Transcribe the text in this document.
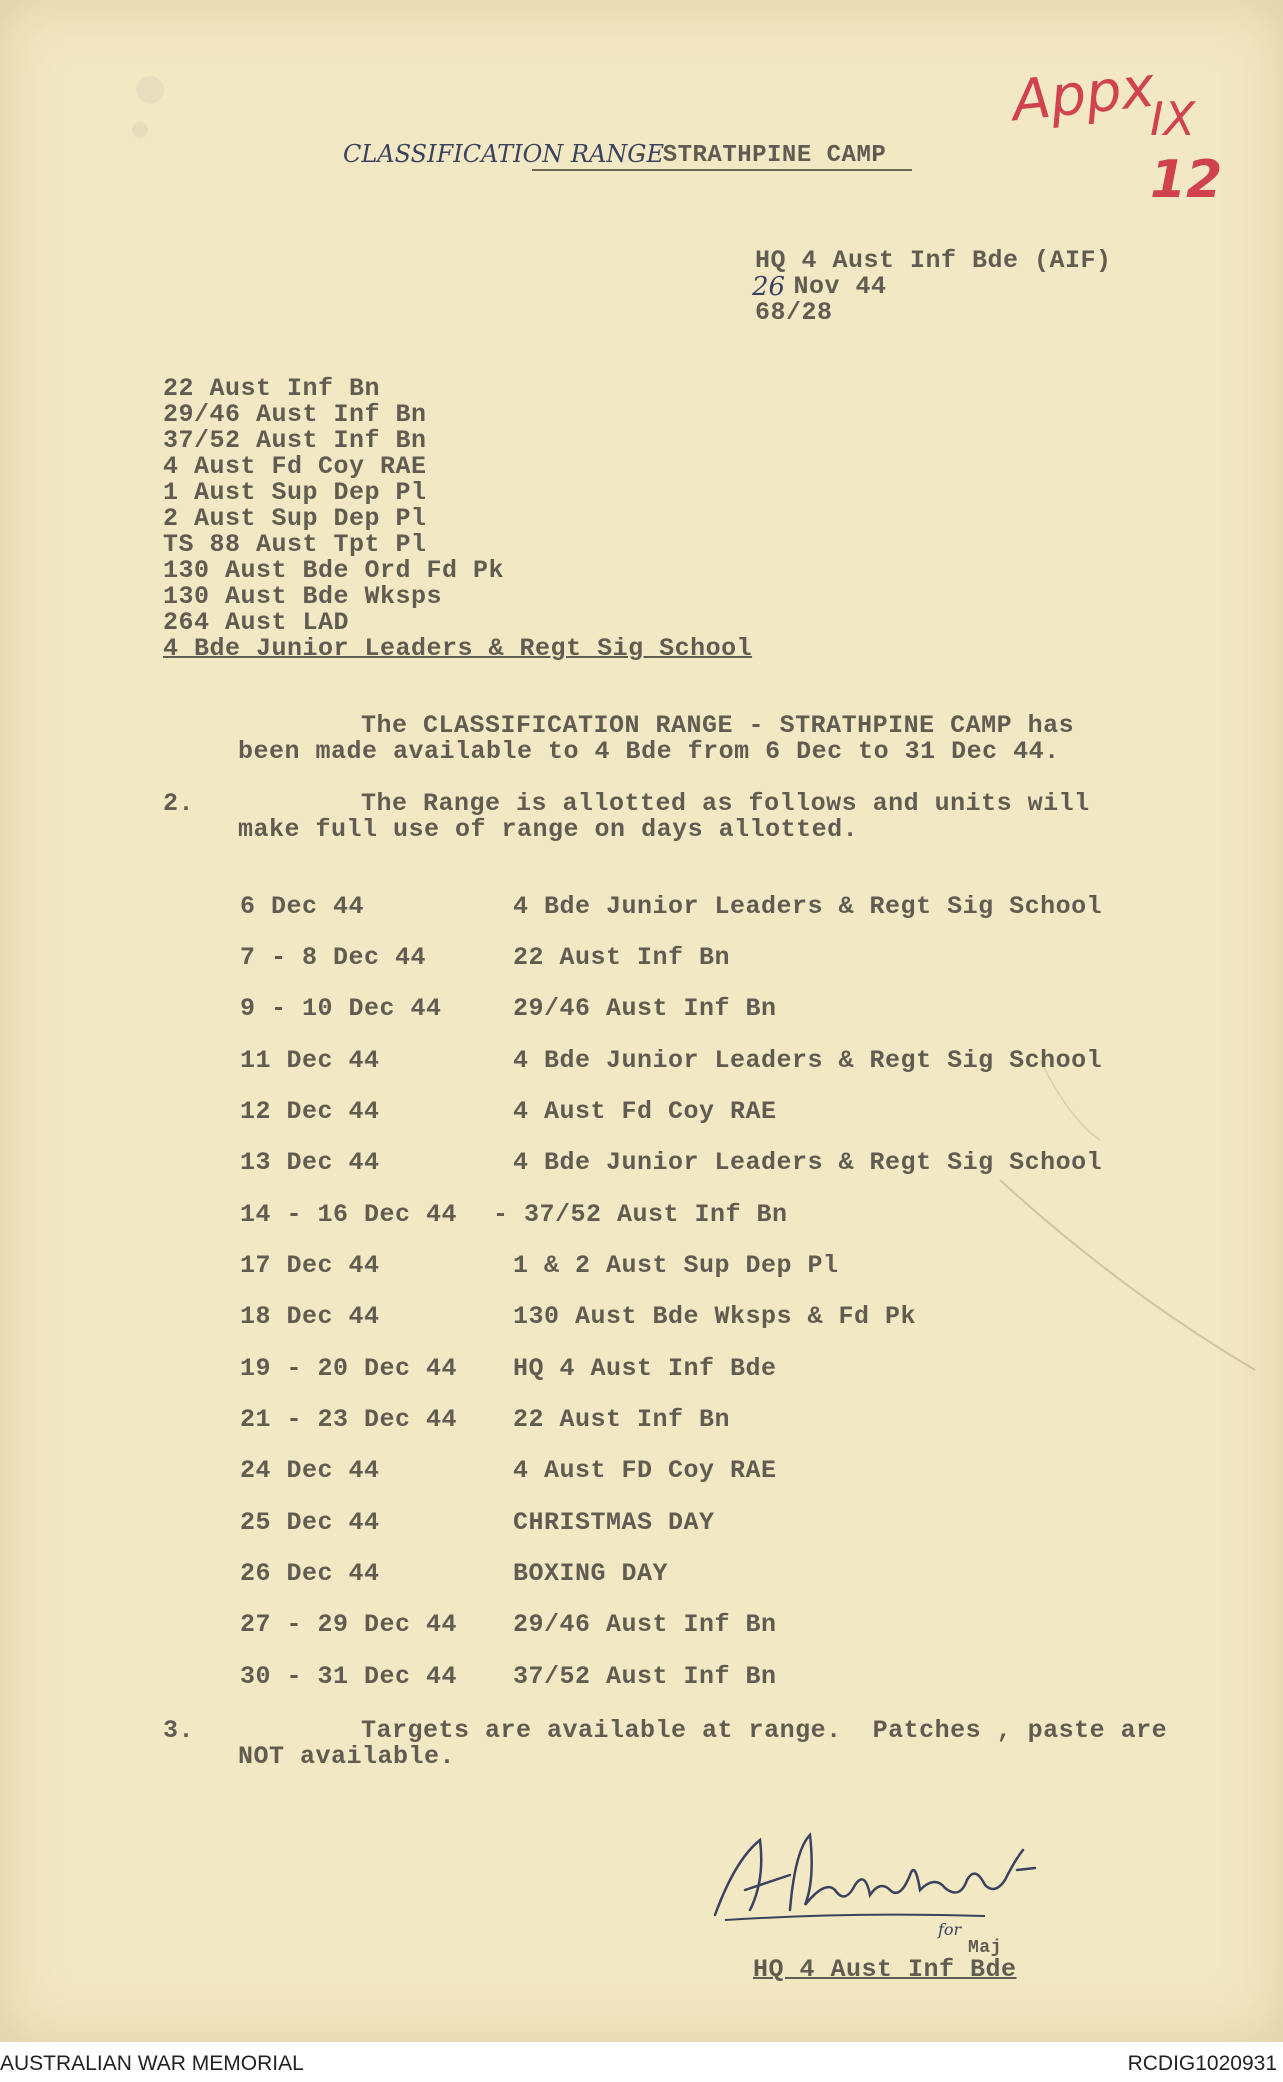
Appx
IX
12
CLASSIFICATION RANGE
- STRATHPINE CAMP
HQ 4 Aust Inf Bde (AIF)
26
Nov 44
68/28
22 Aust Inf Bn
29/46 Aust Inf Bn
37/52 Aust Inf Bn
4 Aust Fd Coy RAE
1 Aust Sup Dep Pl
2 Aust Sup Dep Pl
TS 88 Aust Tpt Pl
130 Aust Bde Ord Fd Pk
130 Aust Bde Wksps
264 Aust LAD
4 Bde Junior Leaders & Regt Sig School
The CLASSIFICATION RANGE - STRATHPINE CAMP has
been made available to 4 Bde from 6 Dec to 31 Dec 44.
2.	The Range is allotted as follows and units will
make full use of range on days allotted.
6 Dec 44	4 Bde Junior Leaders & Regt Sig School
7 - 8 Dec 44	22 Aust Inf Bn
9 - 10 Dec 44	29/46 Aust Inf Bn
11 Dec 44	4 Bde Junior Leaders & Regt Sig School
12 Dec 44	4 Aust Fd Coy RAE
13 Dec 44	4 Bde Junior Leaders & Regt Sig School
14 - 16 Dec 44 - 37/52 Aust Inf Bn
17 Dec 44	1 & 2 Aust Sup Dep Pl
18 Dec 44	130 Aust Bde Wksps & Fd Pk
19 - 20 Dec 44 HQ 4 Aust Inf Bde
21 - 23 Dec 44 22 Aust Inf Bn
24 Dec 44	4 Aust FD Coy RAE
25 Dec 44	CHRISTMAS DAY
26 Dec 44	BOXING DAY
27 - 29 Dec 44 29/46 Aust Inf Bn
30 - 31 Dec 44 37/52 Aust Inf Bn
3.	Targets are available at range.  Patches , paste are
NOT available.
for
Maj
HQ 4 Aust Inf Bde
AUSTRALIAN WAR MEMORIAL	RCDIG1020931
